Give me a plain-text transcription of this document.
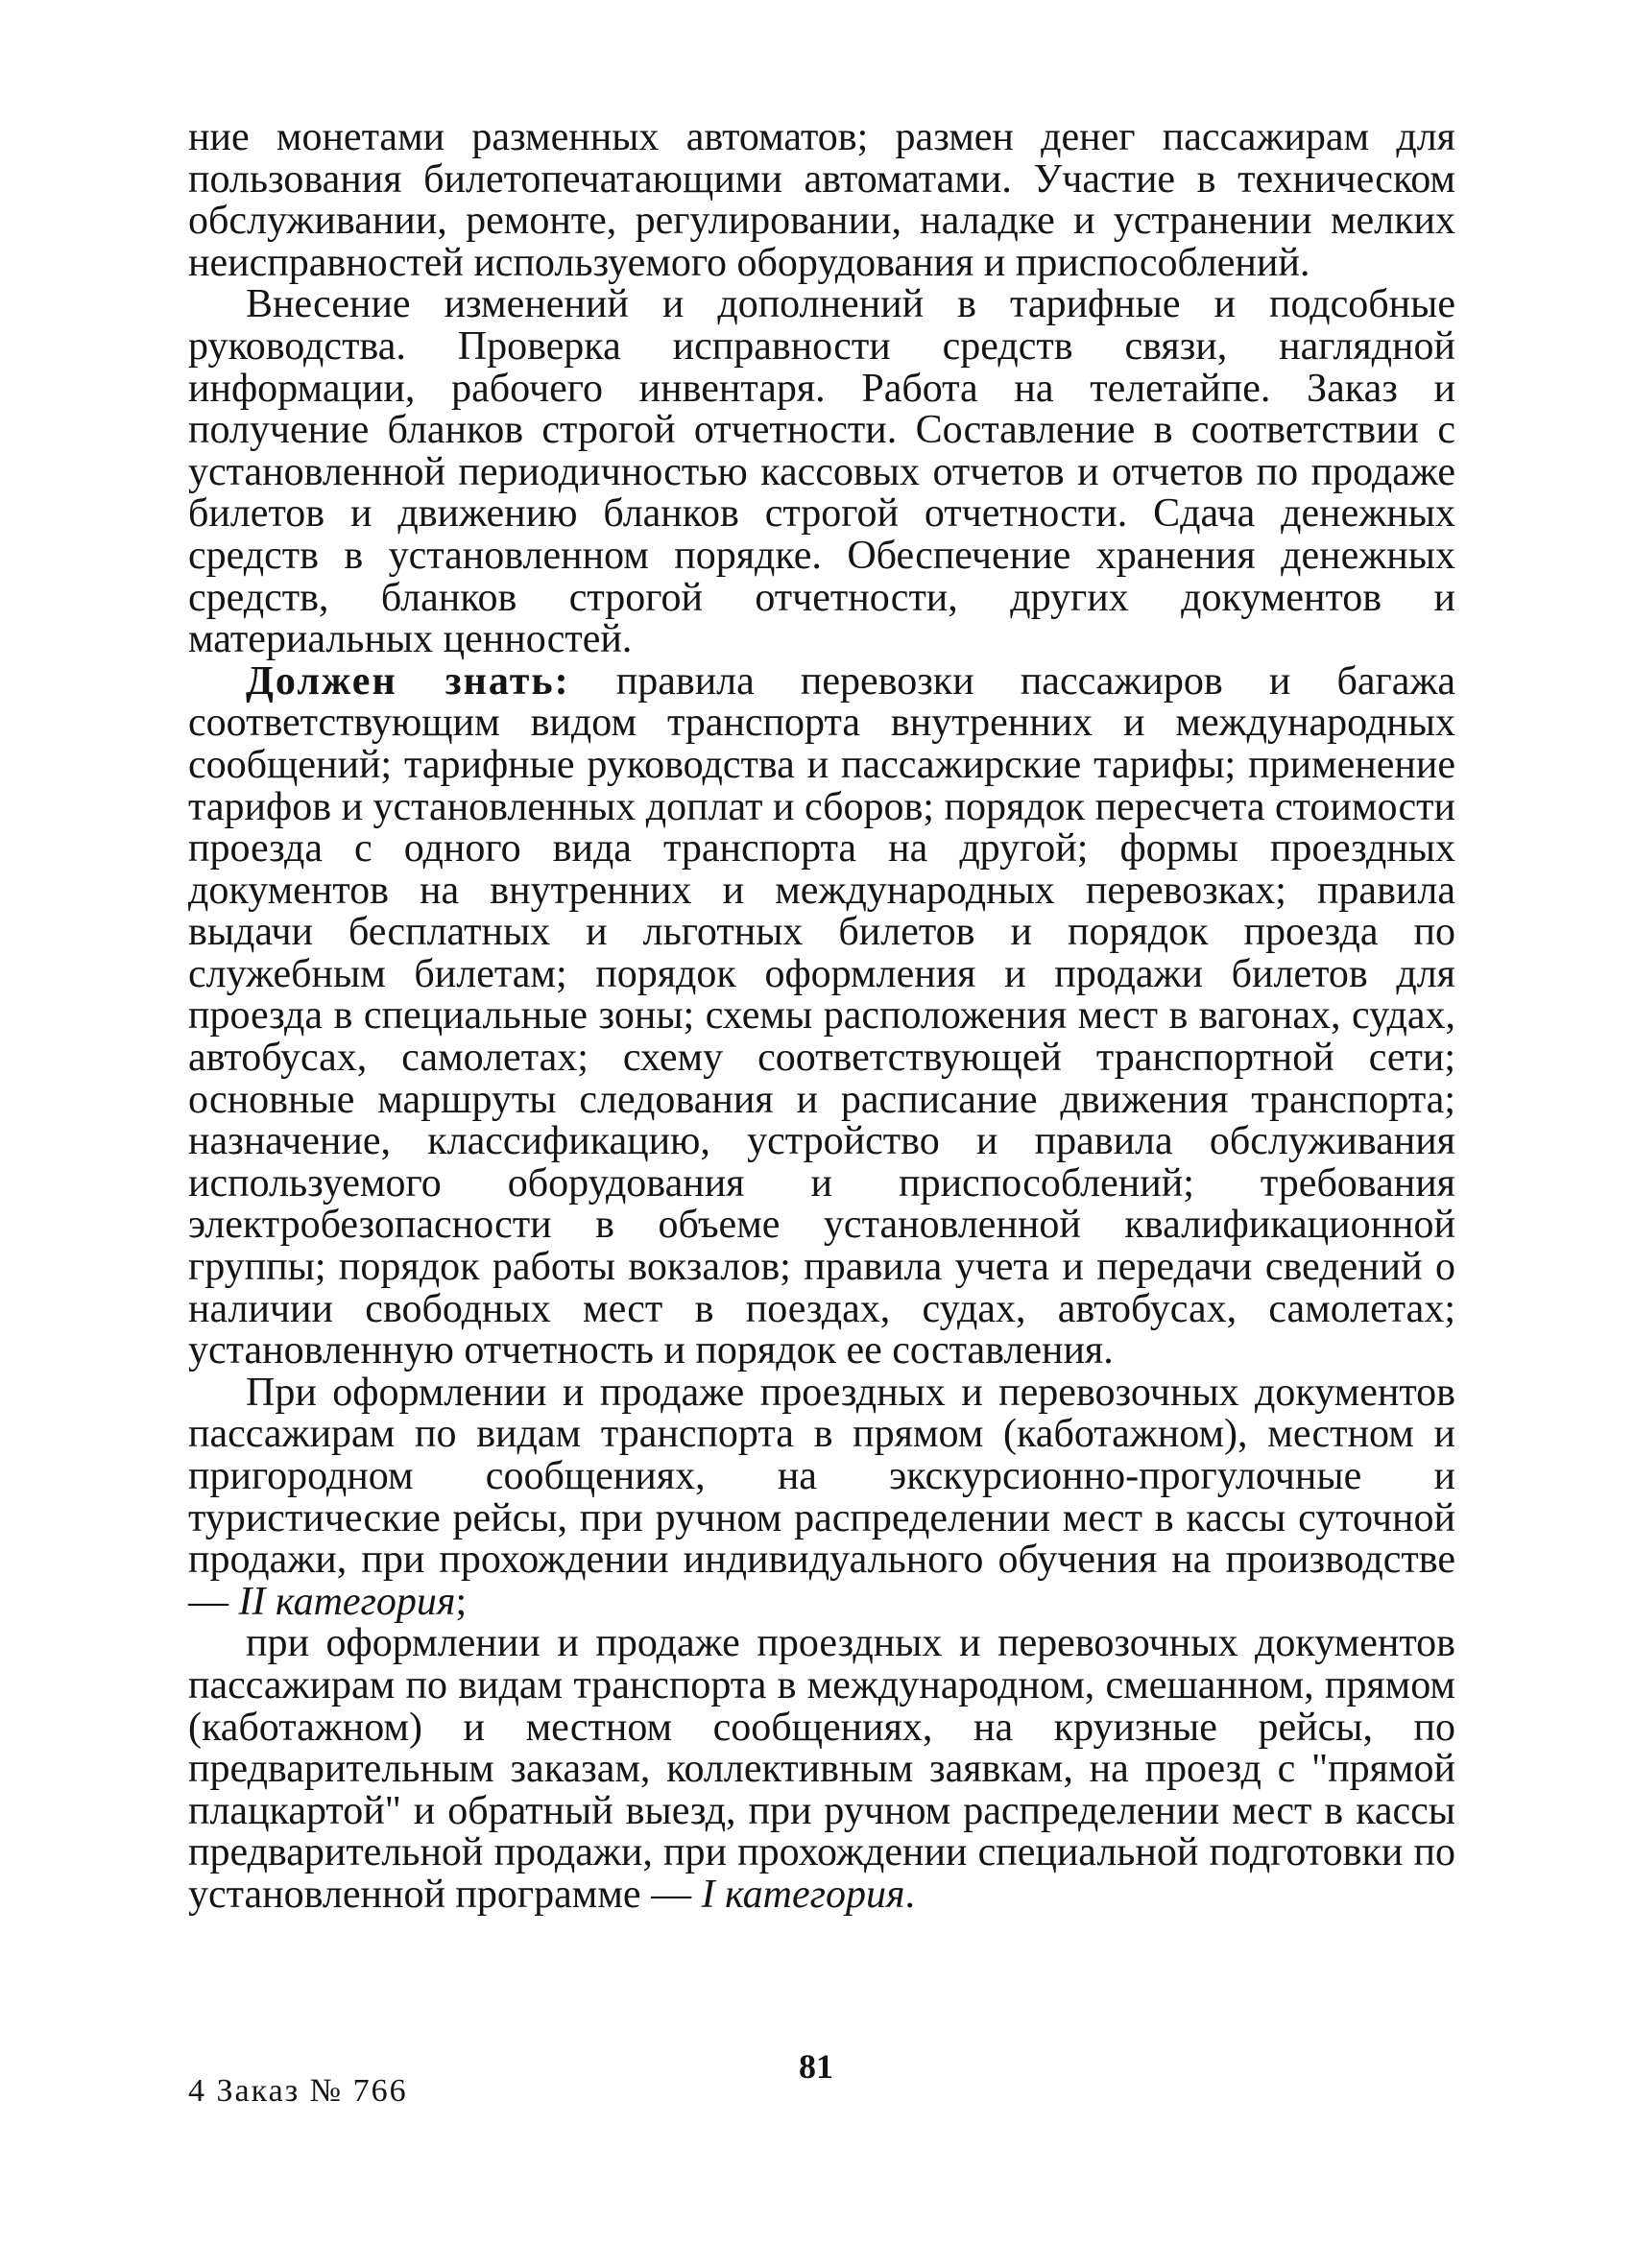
ние монетами разменных автоматов; размен денег пассажирам для пользования билетопечатающими автоматами. Участие в техническом обслуживании, ремонте, регулировании, наладке и устранении мелких неисправностей используемого оборудования и приспособлений.

Внесение изменений и дополнений в тарифные и подсобные руководства. Проверка исправности средств связи, наглядной информации, рабочего инвентаря. Работа на телетайпе. Заказ и получение бланков строгой отчетности. Составление в соответствии с установленной периодичностью кассовых отчетов и отчетов по продаже билетов и движению бланков строгой отчетности. Сдача денежных средств в установленном порядке. Обеспечение хранения денежных средств, бланков строгой отчетности, других документов и материальных ценностей.

Должен знать: правила перевозки пассажиров и багажа соответствующим видом транспорта внутренних и международных сообщений; тарифные руководства и пассажирские тарифы; применение тарифов и установленных доплат и сборов; порядок пересчета стоимости проезда с одного вида транспорта на другой; формы проездных документов на внутренних и международных перевозках; правила выдачи бесплатных и льготных билетов и порядок проезда по служебным билетам; порядок оформления и продажи билетов для проезда в специальные зоны; схемы расположения мест в вагонах, судах, автобусах, самолетах; схему соответствующей транспортной сети; основные маршруты следования и расписание движения транспорта; назначение, классификацию, устройство и правила обслуживания используемого оборудования и приспособлений; требования электробезопасности в объеме установленной квалификационной группы; порядок работы вокзалов; правила учета и передачи сведений о наличии свободных мест в поездах, судах, автобусах, самолетах; установленную отчетность и порядок ее составления.

При оформлении и продаже проездных и перевозочных документов пассажирам по видам транспорта в прямом (каботажном), местном и пригородном сообщениях, на экскурсионно-прогулочные и туристические рейсы, при ручном распределении мест в кассы суточной продажи, при прохождении индивидуального обучения на производстве — II категория;

при оформлении и продаже проездных и перевозочных документов пассажирам по видам транспорта в международном, смешанном, прямом (каботажном) и местном сообщениях, на круизные рейсы, по предварительным заказам, коллективным заявкам, на проезд с "прямой плацкартой" и обратный выезд, при ручном распределении мест в кассы предварительной продажи, при прохождении специальной подготовки по установленной программе — I категория.

4 Заказ № 766
81
